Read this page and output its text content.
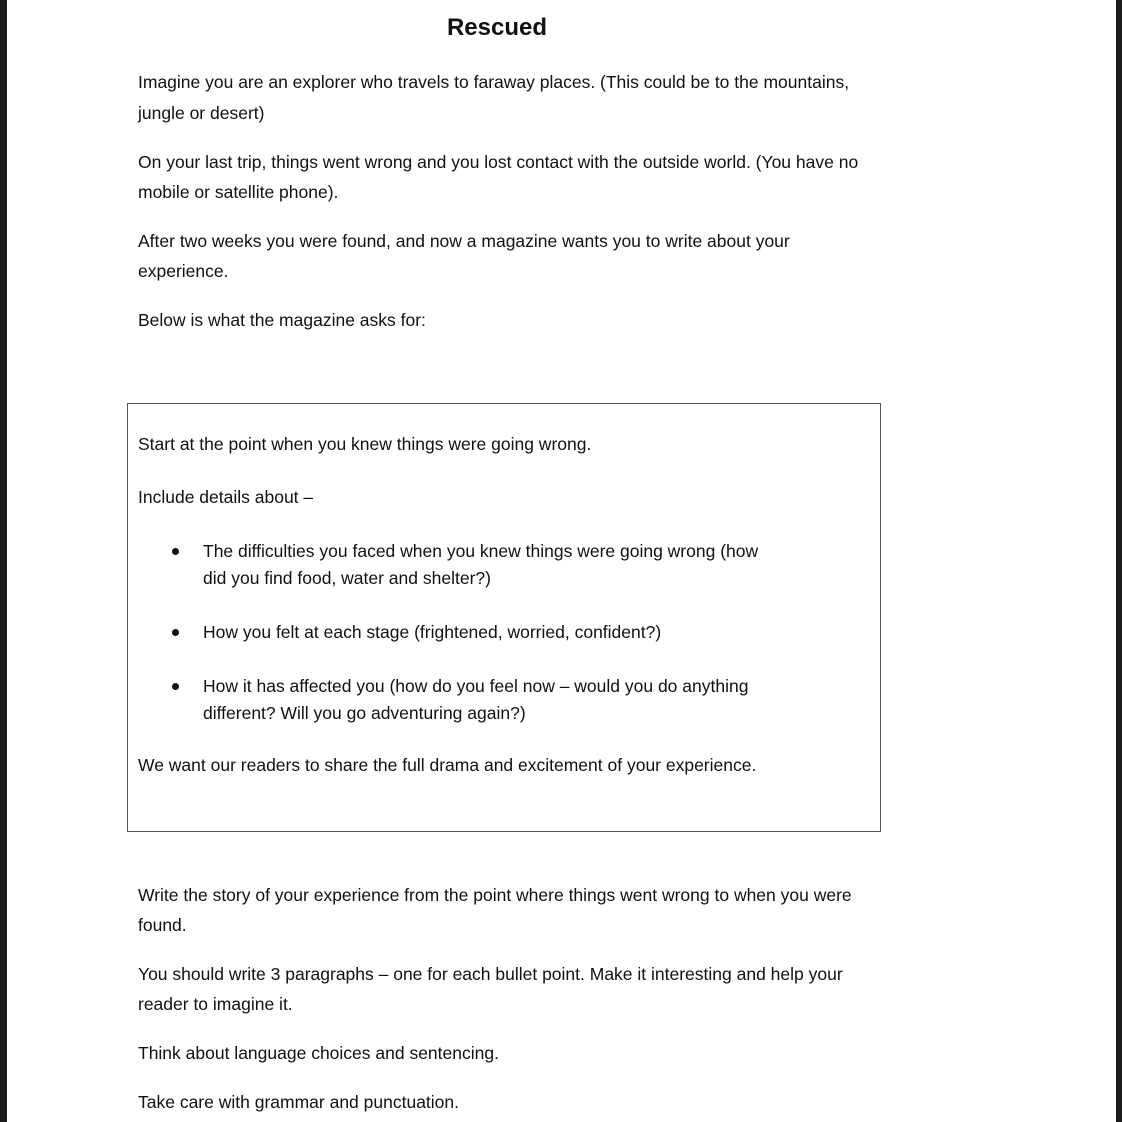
Rescued
Imagine you are an explorer who travels to faraway places. (This could be to the mountains,
jungle or desert)
On your last trip, things went wrong and you lost contact with the outside world. (You have no
mobile or satellite phone).
After two weeks you were found, and now a magazine wants you to write about your
experience.
Below is what the magazine asks for:
Start at the point when you knew things were going wrong.
Include details about –
The difficulties you faced when you knew things were going wrong (how
did you find food, water and shelter?)
How you felt at each stage (frightened, worried, confident?)
How it has affected you (how do you feel now – would you do anything
different? Will you go adventuring again?)
We want our readers to share the full drama and excitement of your experience.
Write the story of your experience from the point where things went wrong to when you were
found.
You should write 3 paragraphs – one for each bullet point. Make it interesting and help your
reader to imagine it.
Think about language choices and sentencing.
Take care with grammar and punctuation.
